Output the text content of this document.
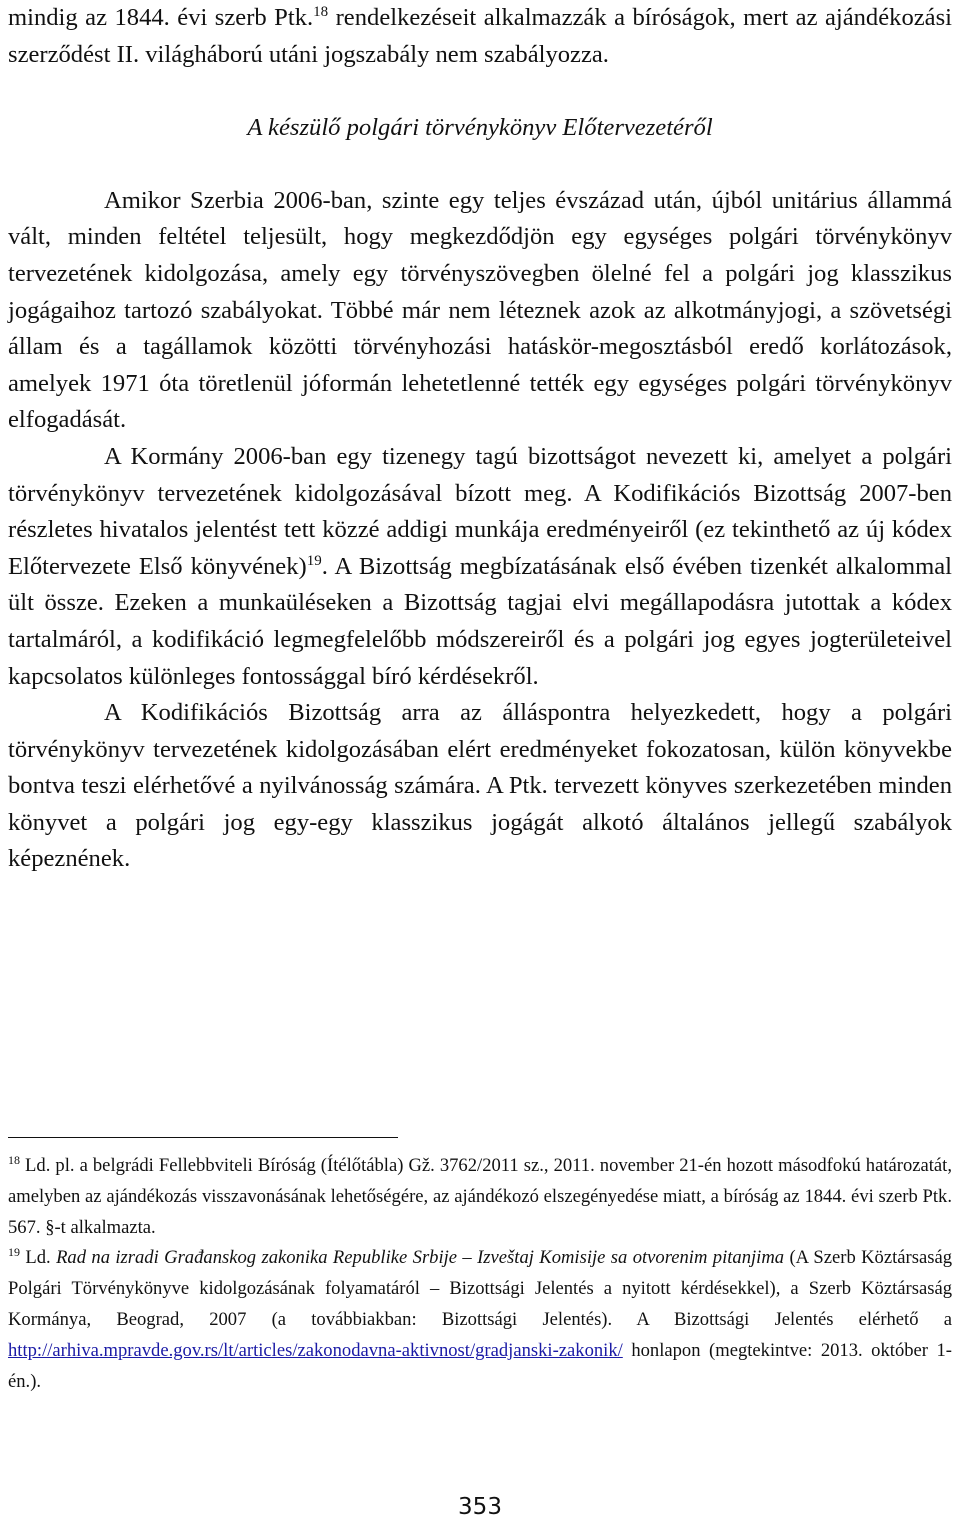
mindig az 1844. évi szerb Ptk.$^{18}$ rendelkezéseit alkalmazzák a bíróságok, mert az ajándékozási szerződést II. világháború utáni jogszabály nem szabályozza.

A készülő polgári törvénykönyv Előtervezetéről

Amikor Szerbia 2006-ban, szinte egy teljes évszázad után, újból unitárius állammá vált, minden feltétel teljesült, hogy megkezdődjön egy egységes polgári törvénykönyv tervezetének kidolgozása, amely egy törvényszövegben ölelné fel a polgári jog klasszikus jogágaihoz tartozó szabályokat. Többé már nem léteznek azok az alkotmányjogi, a szövetségi állam és a tagállamok közötti törvényhozási hatáskör-megosztásból eredő korlátozások, amelyek 1971 óta töretlenül jóformán lehetetlenné tették egy egységes polgári törvénykönyv elfogadását.

A Kormány 2006-ban egy tizenegy tagú bizottságot nevezett ki, amelyet a polgári törvénykönyv tervezetének kidolgozásával bízott meg. A Kodifikációs Bizottság 2007-ben részletes hivatalos jelentést tett közzé addigi munkája eredményeiről (ez tekinthető az új kódex Előtervezete Első könyvének)$^{19}$. A Bizottság megbízatásának első évében tizenkét alkalommal ült össze. Ezeken a munkaüléseken a Bizottság tagjai elvi megállapodásra jutottak a kódex tartalmáról, a kodifikáció legmegfelelőbb módszereiről és a polgári jog egyes jogterületeivel kapcsolatos különleges fontossággal bíró kérdésekről.

A Kodifikációs Bizottság arra az álláspontra helyezkedett, hogy a polgári törvénykönyv tervezetének kidolgozásában elért eredményeket fokozatosan, külön könyvekbe bontva teszi elérhetővé a nyilvánosság számára. A Ptk. tervezett könyves szerkezetében minden könyvet a polgári jog egy-egy klasszikus jogágát alkotó általános jellegű szabályok képeznének.

$^{18}$ Ld. pl. a belgrádi Fellebbviteli Bíróság (Ítélőtábla) Gž. 3762/2011 sz., 2011. november 21-én hozott másodfokú határozatát, amelyben az ajándékozás visszavonásának lehetőségére, az ajándékozó elszegényedése miatt, a bíróság az 1844. évi szerb Ptk. 567. §-t alkalmazta.

$^{19}$ Ld. Rad na izradi Građanskog zakonika Republike Srbije – Izveštaj Komisije sa otvorenim pitanjima (A Szerb Köztársaság Polgári Törvénykönyve kidolgozásának folyamatáról – Bizottsági Jelentés a nyitott kérdésekkel), a Szerb Köztársaság Kormánya, Beograd, 2007 (a továbbiakban: Bizottsági Jelentés). A Bizottsági Jelentés elérhető a http://arhiva.mpravde.gov.rs/lt/articles/zakonodavna-aktivnost/gradjanski-zakonik/ honlapon (megtekintve: 2013. október 1-én.).

353
